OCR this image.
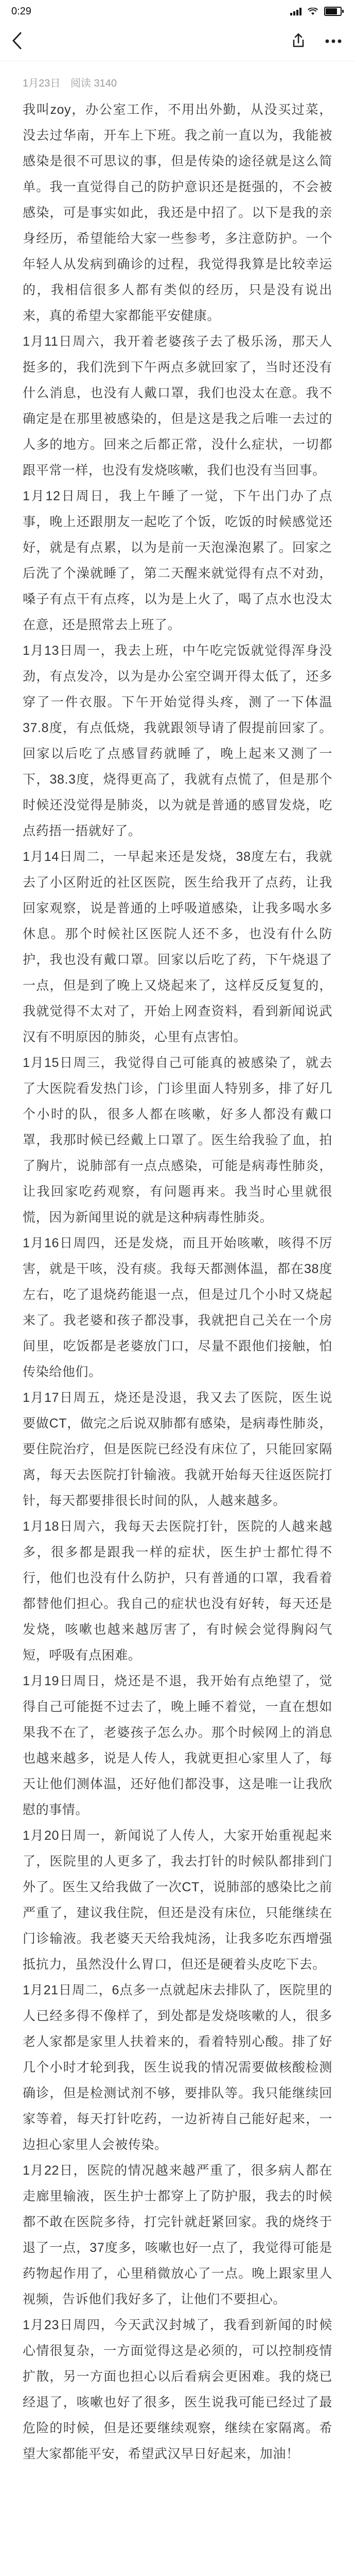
0:29
1月23日 阅读 3140

我叫zoy，办公室工作，不用出外勤，从没买过菜，没去过华南，开车上下班。我之前一直以为，我能被感染是很不可思议的事，但是传染的途径就是这么简单。我一直觉得自己的防护意识还是挺强的，不会被感染，可是事实如此，我还是中招了。以下是我的亲身经历，希望能给大家一些参考，多注意防护。一个年轻人从发病到确诊的过程，我觉得我算是比较幸运的，我相信很多人都有类似的经历，只是没有说出来，真的希望大家都能平安健康。

1月11日周六，我开着老婆孩子去了极乐汤，那天人挺多的，我们洗到下午两点多就回家了，当时还没有什么消息，也没有人戴口罩，我们也没太在意。我不确定是在那里被感染的，但是这是我之后唯一去过的人多的地方。回来之后都正常，没什么症状，一切都跟平常一样，也没有发烧咳嗽，我们也没有当回事。

1月12日周日，我上午睡了一觉，下午出门办了点事，晚上还跟朋友一起吃了个饭，吃饭的时候感觉还好，就是有点累，以为是前一天泡澡泡累了。回家之后洗了个澡就睡了，第二天醒来就觉得有点不对劲，嗓子有点干有点疼，以为是上火了，喝了点水也没太在意，还是照常去上班了。

1月13日周一，我去上班，中午吃完饭就觉得浑身没劲，有点发冷，以为是办公室空调开得太低了，还多穿了一件衣服。下午开始觉得头疼，测了一下体温37.8度，有点低烧，我就跟领导请了假提前回家了。回家以后吃了点感冒药就睡了，晚上起来又测了一下，38.3度，烧得更高了，我就有点慌了，但是那个时候还没觉得是肺炎，以为就是普通的感冒发烧，吃点药捂一捂就好了。

1月14日周二，一早起来还是发烧，38度左右，我就去了小区附近的社区医院，医生给我开了点药，让我回家观察，说是普通的上呼吸道感染，让我多喝水多休息。那个时候社区医院人还不多，也没有什么防护，我也没有戴口罩。回家以后吃了药，下午烧退了一点，但是到了晚上又烧起来了，这样反反复复的，我就觉得不太对了，开始上网查资料，看到新闻说武汉有不明原因的肺炎，心里有点害怕。

1月15日周三，我觉得自己可能真的被感染了，就去了大医院看发热门诊，门诊里面人特别多，排了好几个小时的队，很多人都在咳嗽，好多人都没有戴口罩，我那时候已经戴上口罩了。医生给我验了血，拍了胸片，说肺部有一点点感染，可能是病毒性肺炎，让我回家吃药观察，有问题再来。我当时心里就很慌，因为新闻里说的就是这种病毒性肺炎。

1月16日周四，还是发烧，而且开始咳嗽，咳得不厉害，就是干咳，没有痰。我每天都测体温，都在38度左右，吃了退烧药能退一点，但是过几个小时又烧起来了。我老婆和孩子都没事，我就把自己关在一个房间里，吃饭都是老婆放门口，尽量不跟他们接触，怕传染给他们。

1月17日周五，烧还是没退，我又去了医院，医生说要做CT，做完之后说双肺都有感染，是病毒性肺炎，要住院治疗，但是医院已经没有床位了，只能回家隔离，每天去医院打针输液。我就开始每天往返医院打针，每天都要排很长时间的队，人越来越多。

1月18日周六，我每天去医院打针，医院的人越来越多，很多都是跟我一样的症状，医生护士都忙得不行，他们也没有什么防护，只有普通的口罩，我看着都替他们担心。我自己的症状也没有好转，每天还是发烧，咳嗽也越来越厉害了，有时候会觉得胸闷气短，呼吸有点困难。

1月19日周日，烧还是不退，我开始有点绝望了，觉得自己可能挺不过去了，晚上睡不着觉，一直在想如果我不在了，老婆孩子怎么办。那个时候网上的消息也越来越多，说是人传人，我就更担心家里人了，每天让他们测体温，还好他们都没事，这是唯一让我欣慰的事情。

1月20日周一，新闻说了人传人，大家开始重视起来了，医院里的人更多了，我去打针的时候队都排到门外了。医生又给我做了一次CT，说肺部的感染比之前严重了，建议我住院，但还是没有床位，只能继续在门诊输液。我老婆天天给我炖汤，让我多吃东西增强抵抗力，虽然没什么胃口，但还是硬着头皮吃下去。

1月21日周二，6点多一点就起床去排队了，医院里的人已经多得不像样了，到处都是发烧咳嗽的人，很多老人家都是家里人扶着来的，看着特别心酸。排了好几个小时才轮到我，医生说我的情况需要做核酸检测确诊，但是检测试剂不够，要排队等。我只能继续回家等着，每天打针吃药，一边祈祷自己能好起来，一边担心家里人会被传染。

1月22日，医院的情况越来越严重了，很多病人都在走廊里输液，医生护士都穿上了防护服，我去的时候都不敢在医院多待，打完针就赶紧回家。我的烧终于退了一点，37度多，咳嗽也好一点了，我觉得可能是药物起作用了，心里稍微放心了一点。晚上跟家里人视频，告诉他们我好多了，让他们不要担心。

1月23日周四，今天武汉封城了，我看到新闻的时候心情很复杂，一方面觉得这是必须的，可以控制疫情扩散，另一方面也担心以后看病会更困难。我的烧已经退了，咳嗽也好了很多，医生说我可能已经过了最危险的时候，但是还要继续观察，继续在家隔离。希望大家都能平安，希望武汉早日好起来，加油！
